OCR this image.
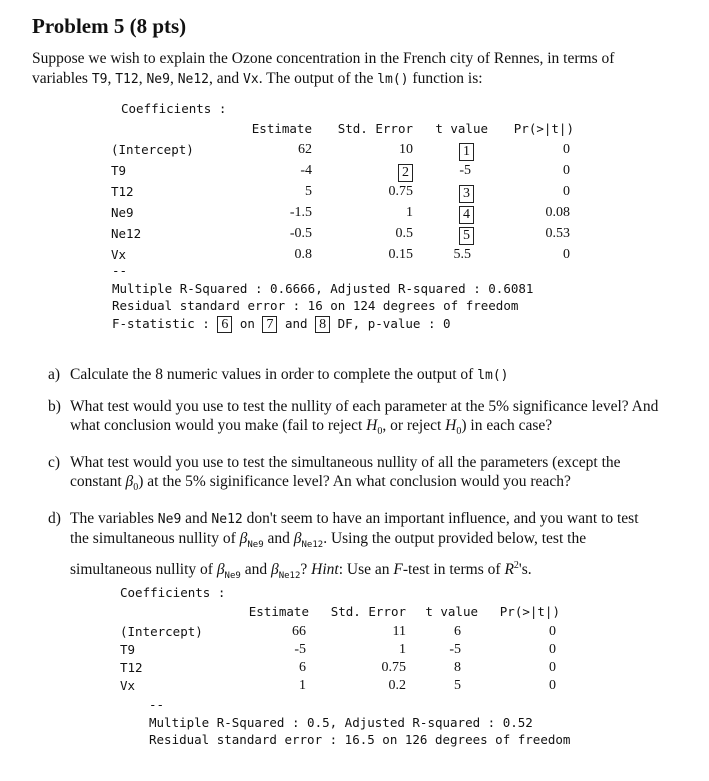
Problem 5 (8 pts)

Suppose we wish to explain the Ozone concentration in the French city of Rennes, in terms of variables T9, T12, Ne9, Ne12, and Vx. The output of the lm() function is:

Coefficients :
	Estimate	Std. Error	t value	Pr(>|t|)
(Intercept)	62	10	1	0
T9	-4	2	-5	0
T12	5	0.75	3	0
Ne9	-1.5	1	4	0.08
Ne12	-0.5	0.5	5	0.53
Vx	0.8	0.15	5.5	0
--
Multiple R-Squared : 0.6666, Adjusted R-squared : 0.6081
Residual standard error : 16 on 124 degrees of freedom
F-statistic : 6 on 7 and 8 DF, p-value : 0
a) Calculate the 8 numeric values in order to complete the output of lm()
b) What test would you use to test the nullity of each parameter at the 5% significance level? And what conclusion would you make (fail to reject $H_0$, or reject $H_0$) in each case?
c) What test would you use to test the simultaneous nullity of all the parameters (except the constant $\beta_0$) at the 5% siginificance level? An what conclusion would you reach?
d) The variables Ne9 and Ne12 don't seem to have an important influence, and you want to test the simultaneous nullity of $\beta_{Ne9}$ and $\beta_{Ne12}$. Using the output provided below, test the simultaneous nullity of $\beta_{Ne9}$ and $\beta_{Ne12}$? Hint: Use an F-test in terms of $R^2's$.
Coefficients :
	Estimate	Std. Error	t value	Pr(>|t|)
(Intercept)	66	11	6	0
T9	-5	1	-5	0
T12	6	0.75	8	0
Vx	1	0.2	5	0
--
Multiple R-Squared : 0.5, Adjusted R-squared : 0.52
Residual standard error : 16.5 on 126 degrees of freedom
